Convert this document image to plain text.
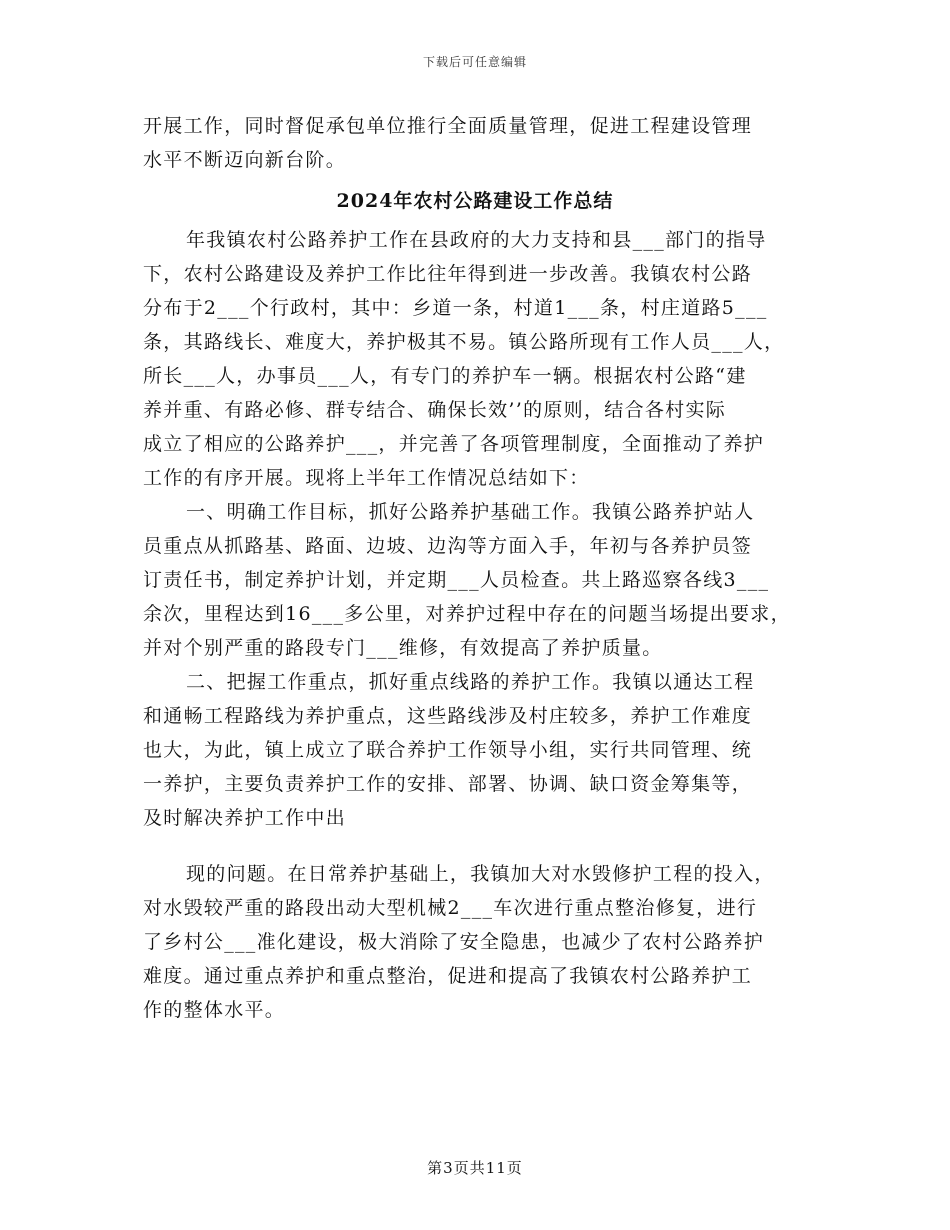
下载后可任意编辑
开展工作，同时督促承包单位推行全面质量管理，促进工程建设管理
水平不断迈向新台阶。
2024年农村公路建设工作总结
年我镇农村公路养护工作在县政府的大力支持和县___部门的指导
下，农村公路建设及养护工作比往年得到进一步改善。我镇农村公路
分布于2___个行政村，其中：乡道一条，村道1___条，村庄道路5___
条，其路线长、难度大，养护极其不易。镇公路所现有工作人员___人，
所长___人，办事员___人，有专门的养护车一辆。根据农村公路“建
养并重、有路必修、群专结合、确保长效’’的原则，结合各村实际
成立了相应的公路养护___，并完善了各项管理制度，全面推动了养护
工作的有序开展。现将上半年工作情况总结如下：
一、明确工作目标，抓好公路养护基础工作。我镇公路养护站人
员重点从抓路基、路面、边坡、边沟等方面入手，年初与各养护员签
订责任书，制定养护计划，并定期___人员检查。共上路巡察各线3___
余次，里程达到16___多公里，对养护过程中存在的问题当场提出要求，
并对个别严重的路段专门___维修，有效提高了养护质量。
二、把握工作重点，抓好重点线路的养护工作。我镇以通达工程
和通畅工程路线为养护重点，这些路线涉及村庄较多，养护工作难度
也大，为此，镇上成立了联合养护工作领导小组，实行共同管理、统
一养护，主要负责养护工作的安排、部署、协调、缺口资金筹集等，
及时解决养护工作中出
现的问题。在日常养护基础上，我镇加大对水毁修护工程的投入，
对水毁较严重的路段出动大型机械2___车次进行重点整治修复，进行
了乡村公___准化建设，极大消除了安全隐患，也减少了农村公路养护
难度。通过重点养护和重点整治，促进和提高了我镇农村公路养护工
作的整体水平。
第3页共11页
